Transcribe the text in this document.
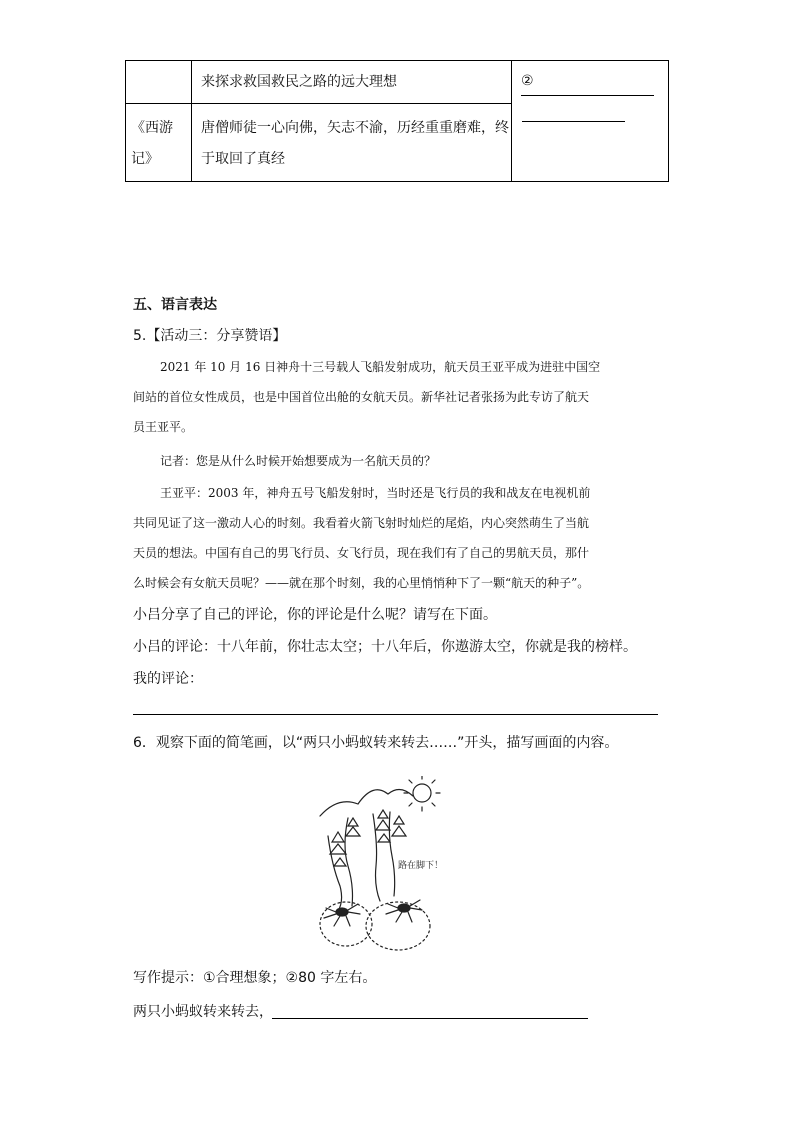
来探求救国救民之路的远大理想	②
《西游
记》
唐僧师徒一心向佛，矢志不渝，历经重重磨难，终
于取回了真经
五、语言表达
5.【活动三：分享赞语】
2021 年 10 月 16 日神舟十三号载人飞船发射成功，航天员王亚平成为进驻中国空
间站的首位女性成员，也是中国首位出舱的女航天员。新华社记者张扬为此专访了航天
员王亚平。
记者：您是从什么时候开始想要成为一名航天员的？
王亚平：2003 年，神舟五号飞船发射时，当时还是飞行员的我和战友在电视机前
共同见证了这一激动人心的时刻。我看着火箭飞射时灿烂的尾焰，内心突然萌生了当航
天员的想法。中国有自己的男飞行员、女飞行员，现在我们有了自己的男航天员，那什
么时候会有女航天员呢？——就在那个时刻，我的心里悄悄种下了一颗“航天的种子”。
小吕分享了自己的评论，你的评论是什么呢？请写在下面。
小吕的评论：十八年前，你壮志太空；十八年后，你遨游太空，你就是我的榜样。
我的评论：
6．观察下面的简笔画，以“两只小蚂蚁转来转去……”开头，描写画面的内容。
路在脚下！
写作提示：①合理想象；②80 字左右。
两只小蚂蚁转来转去，
